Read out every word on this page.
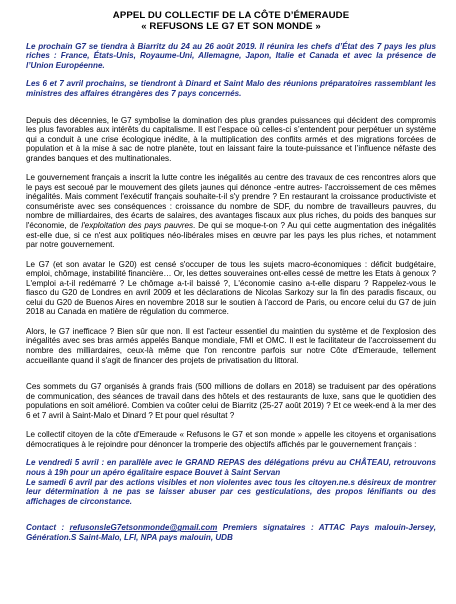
APPEL DU COLLECTIF DE LA CÔTE D’ÉMERAUDE
« REFUSONS LE G7 ET SON MONDE »

Le prochain G7 se tiendra à Biarritz du 24 au 26 août 2019. Il réunira les chefs d’État des 7 pays les plus riches : France, États-Unis, Royaume-Uni, Allemagne, Japon, Italie et Canada et avec la présence de l’Union Européenne.

Les 6 et 7 avril prochains, se tiendront à Dinard et Saint Malo des réunions préparatoires rassemblant les ministres des affaires étrangères des 7 pays concernés.

Depuis des décennies, le G7 symbolise la domination des plus grandes puissances qui décident des compromis les plus favorables aux intérêts du capitalisme. Il est l’espace où celles-ci s’entendent pour perpétuer un système qui a conduit à une crise écologique inédite, à la multiplication des conflits armés et des migrations forcées de population et à la mise à sac de notre planète, tout en laissant faire la toute-puissance et l’influence néfaste des grandes banques et des multinationales.

Le gouvernement français a inscrit la lutte contre les inégalités au centre des travaux de ces rencontres alors que le pays est secoué par le mouvement des gilets jaunes qui dénonce -entre autres- l'accroissement de ces mêmes inégalités. Mais comment l'exécutif français souhaite-t-il s'y prendre ? En restaurant la croissance productiviste et consumériste avec ses conséquences : croissance du nombre de SDF, du nombre de travailleurs pauvres, du nombre de milliardaires, des écarts de salaires, des avantages fiscaux aux plus riches, du poids des banques sur l'économie, de l'exploitation des pays pauvres. De qui se moque-t-on ? Au qui cette augmentation des inégalités est-elle due, si ce n'est aux politiques néo-libérales mises en œuvre par les pays les plus riches, et notamment par notre gouvernement.

Le G7 (et son avatar le G20) est censé s'occuper de tous les sujets macro-économiques : déficit budgétaire, emploi, chômage, instabilité financière… Or, les dettes souveraines ont-elles cessé de mettre les Etats à genoux ? L'emploi a-t-il redémarré ? Le chômage a-t-il baissé ?, L'économie casino a-t-elle disparu ? Rappelez-vous le fiasco du G20 de Londres en avril 2009 et les déclarations de Nicolas Sarkozy sur la fin des paradis fiscaux, ou celui du G20 de Buenos Aires en novembre 2018 sur le soutien à l'accord de Paris, ou encore celui du G7 de juin 2018 au Canada en matière de régulation du commerce.

Alors, le G7 inefficace ? Bien sûr que non. Il est l'acteur essentiel du maintien du système et de l'explosion des inégalités avec ses bras armés appelés Banque mondiale, FMI et OMC. Il est le facilitateur de l'accroissement du nombre des milliardaires, ceux-là même que l'on rencontre parfois sur notre Côte d'Emeraude, tellement accueillante quand il s'agit de financer des projets de privatisation du littoral.

Ces sommets du G7 organisés à grands frais (500 millions de dollars en 2018) se traduisent par des opérations de communication, des séances de travail dans des hôtels et des restaurants de luxe, sans que le quotidien des populations en soit amélioré. Combien va coûter celui de Biarritz (25-27 août 2019) ? Et ce week-end à la mer des 6 et 7 avril à Saint-Malo et Dinard ? Et pour quel résultat ?

Le collectif citoyen de la côte d'Emeraude « Refusons le G7 et son monde » appelle les citoyens et organisations démocratiques à le rejoindre pour dénoncer la tromperie des objectifs affichés par le gouvernement français :

Le vendredi 5 avril : en parallèle avec le GRAND REPAS des délégations prévu au CHÂTEAU, retrouvons nous à 19h pour un apéro égalitaire espace Bouvet à Saint Servan

Le samedi 6 avril par des actions visibles et non violentes avec tous les citoyen.ne.s désireux de montrer leur détermination à ne pas se laisser abuser par ces gesticulations, des propos lénifiants ou des affichages de circonstance.

Contact : refusonsleG7etsonmonde@gmail.com Premiers signataires : ATTAC Pays malouin-Jersey, Génération.S Saint-Malo, LFI, NPA pays malouin, UDB
